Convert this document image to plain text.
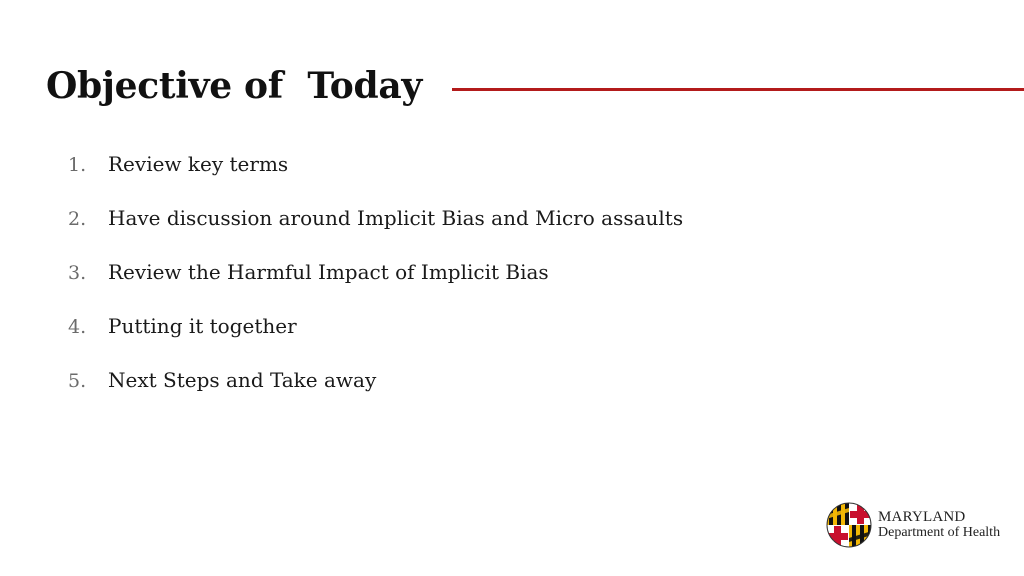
Objective of  Today
1.	Review key terms
2.	Have discussion around Implicit Bias and Micro assaults
3.	Review the Harmful Impact of Implicit Bias
4.	Putting it together
5.	Next Steps and Take away
MARYLAND
Department of Health
